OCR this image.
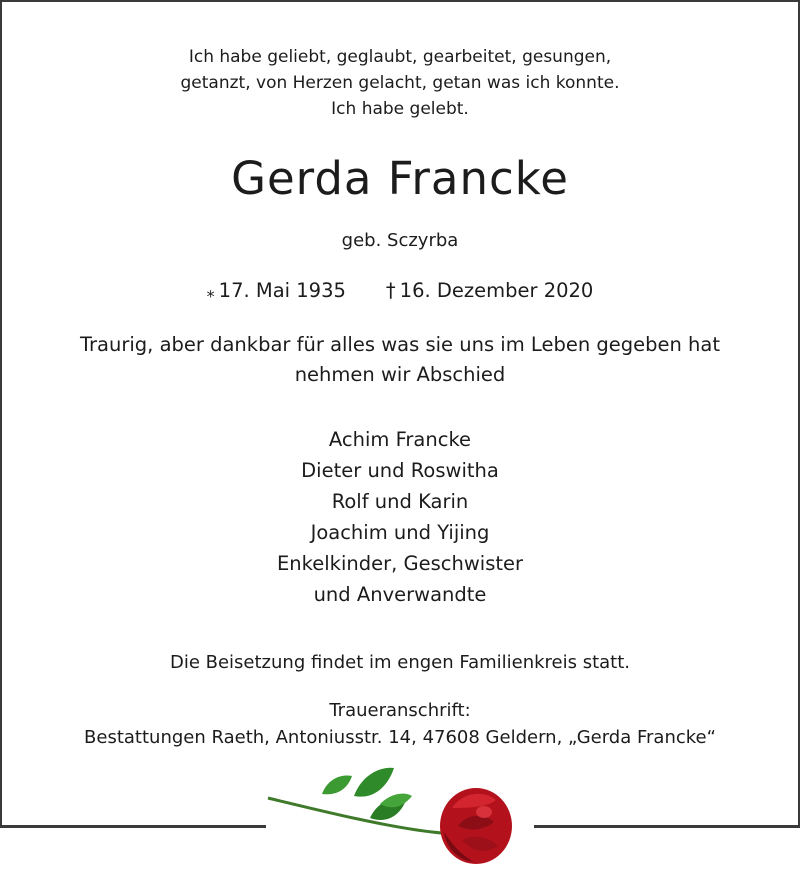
Ich habe geliebt, geglaubt, gearbeitet, gesungen,
getanzt, von Herzen gelacht, getan was ich konnte.
Ich habe gelebt.
Gerda Francke
geb. Sczyrba
⁎ 17. Mai 1935 † 16. Dezember 2020
Traurig, aber dankbar für alles was sie uns im Leben gegeben hat
nehmen wir Abschied
Achim Francke
Dieter und Roswitha
Rolf und Karin
Joachim und Yijing
Enkelkinder, Geschwister
und Anverwandte
Die Beisetzung findet im engen Familienkreis statt.
Traueranschrift:
Bestattungen Raeth, Antoniusstr. 14, 47608 Geldern, „Gerda Francke“
